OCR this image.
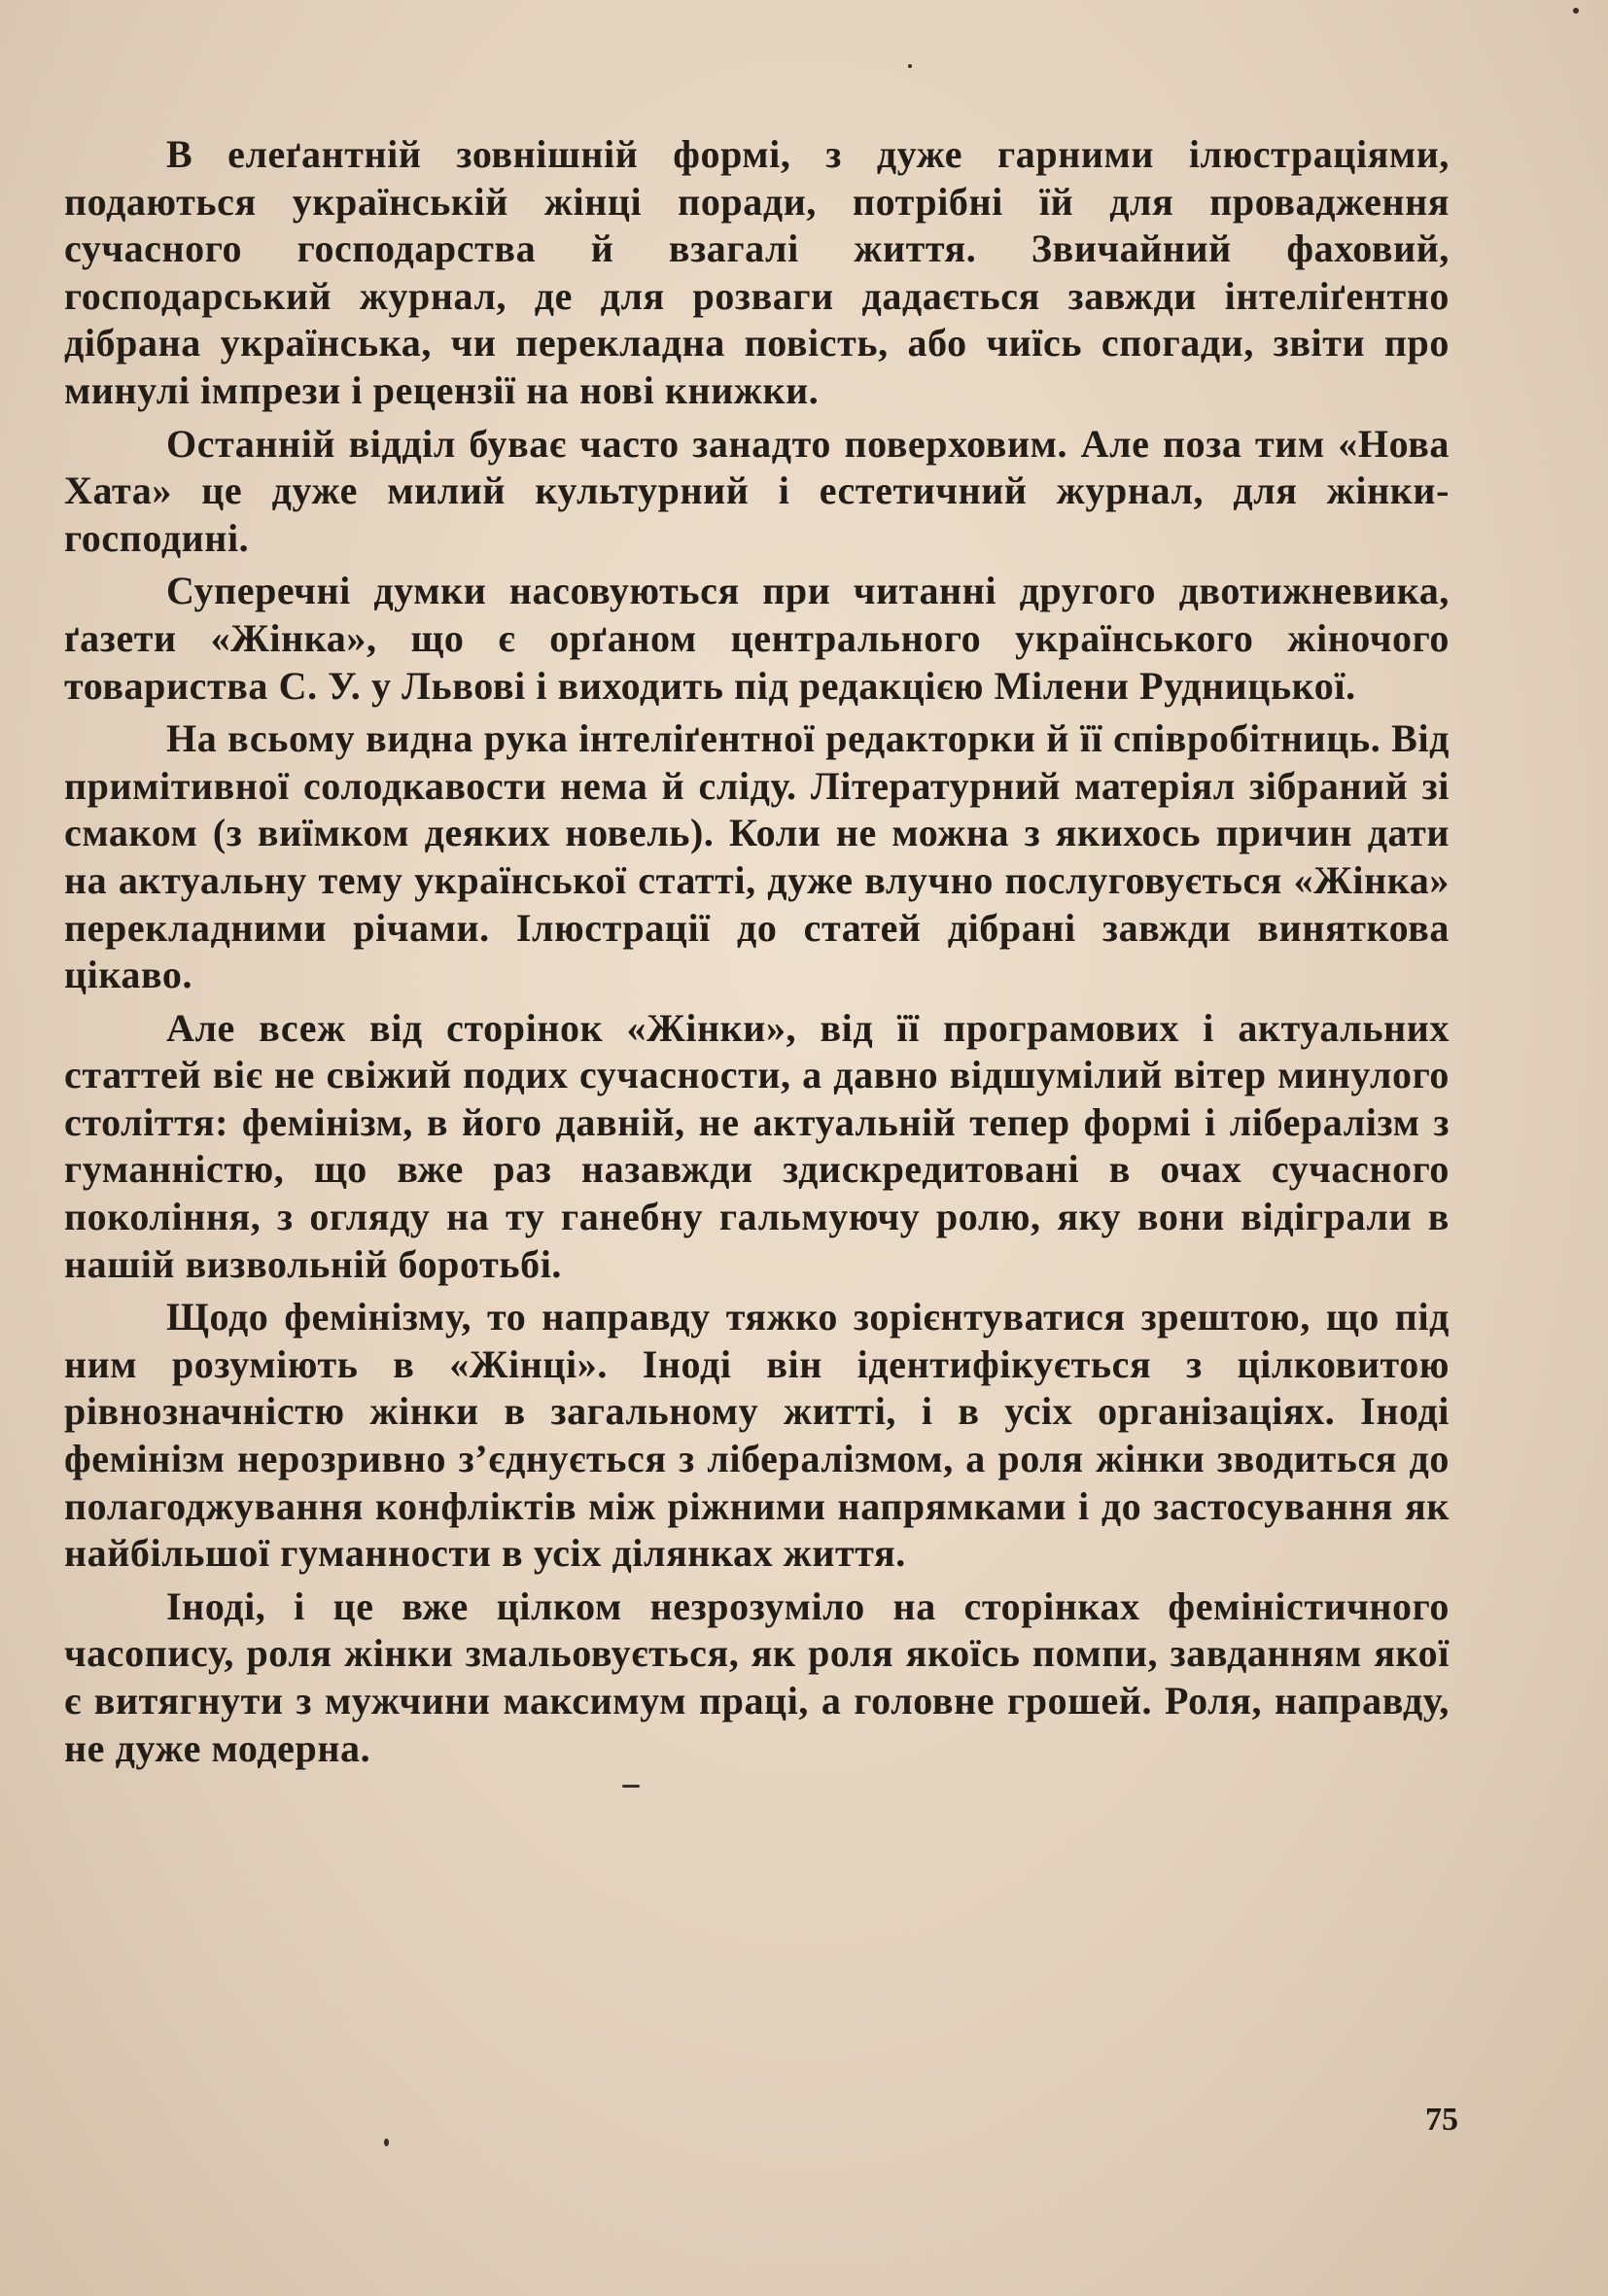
В елеґантній зовнішній формі, з дуже гарними ілюстраціями, подаються українській жінці поради, потрібні їй для провадження сучасного господарства й взагалі життя. Звичайний фаховий, господарський журнал, де для розваги дадається завжди інтеліґентно дібрана українська, чи перекладна повість, або чиїсь спогади, звіти про минулі імпрези і рецензії на нові книжки.

Останній відділ буває часто занадто поверховим. Але поза тим «Нова Хата» це дуже милий культурний і естетичний журнал, для жінки-господині.

Суперечні думки насовуються при читанні другого двотижневика, ґазети «Жінка», що є орґаном центрального українського жіночого товариства С. У. у Львові і виходить під редакцією Мілени Рудницької.

На всьому видна рука інтеліґентної редакторки й її співробітниць. Від примітивної солодкавости нема й сліду. Літературний матеріял зібраний зі смаком (з виїмком деяких новель). Коли не можна з якихось причин дати на актуальну тему української статті, дуже влучно послуговується «Жінка» перекладними річами. Ілюстрації до статей дібрані завжди виняткова цікаво.

Але всеж від сторінок «Жінки», від її програмових і актуальних статтей віє не свіжий подих сучасности, а давно відшумілий вітер минулого століття: фемінізм, в його давній, не актуальній тепер формі і лібералізм з гуманністю, що вже раз назавжди здискредитовані в очах сучасного покоління, з огляду на ту ганебну гальмуючу ролю, яку вони відіграли в нашій визвольній боротьбі.

Щодо фемінізму, то направду тяжко зорієнтуватися зрештою, що під ним розуміють в «Жінці». Іноді він ідентифікується з цілковитою рівнозначністю жінки в загальному житті, і в усіх організаціях. Іноді фемінізм нерозривно з’єднується з лібералізмом, а роля жінки зводиться до полагоджування конфліктів між ріжними напрямками і до застосування як найбільшої гуманности в усіх ділянках життя.

Іноді, і це вже цілком незрозуміло на сторінках феміністичного часопису, роля жінки змальовується, як роля якоїсь помпи, завданням якої є витягнути з мужчини максимум праці, а головне грошей. Роля, направду, не дуже модерна.

75
